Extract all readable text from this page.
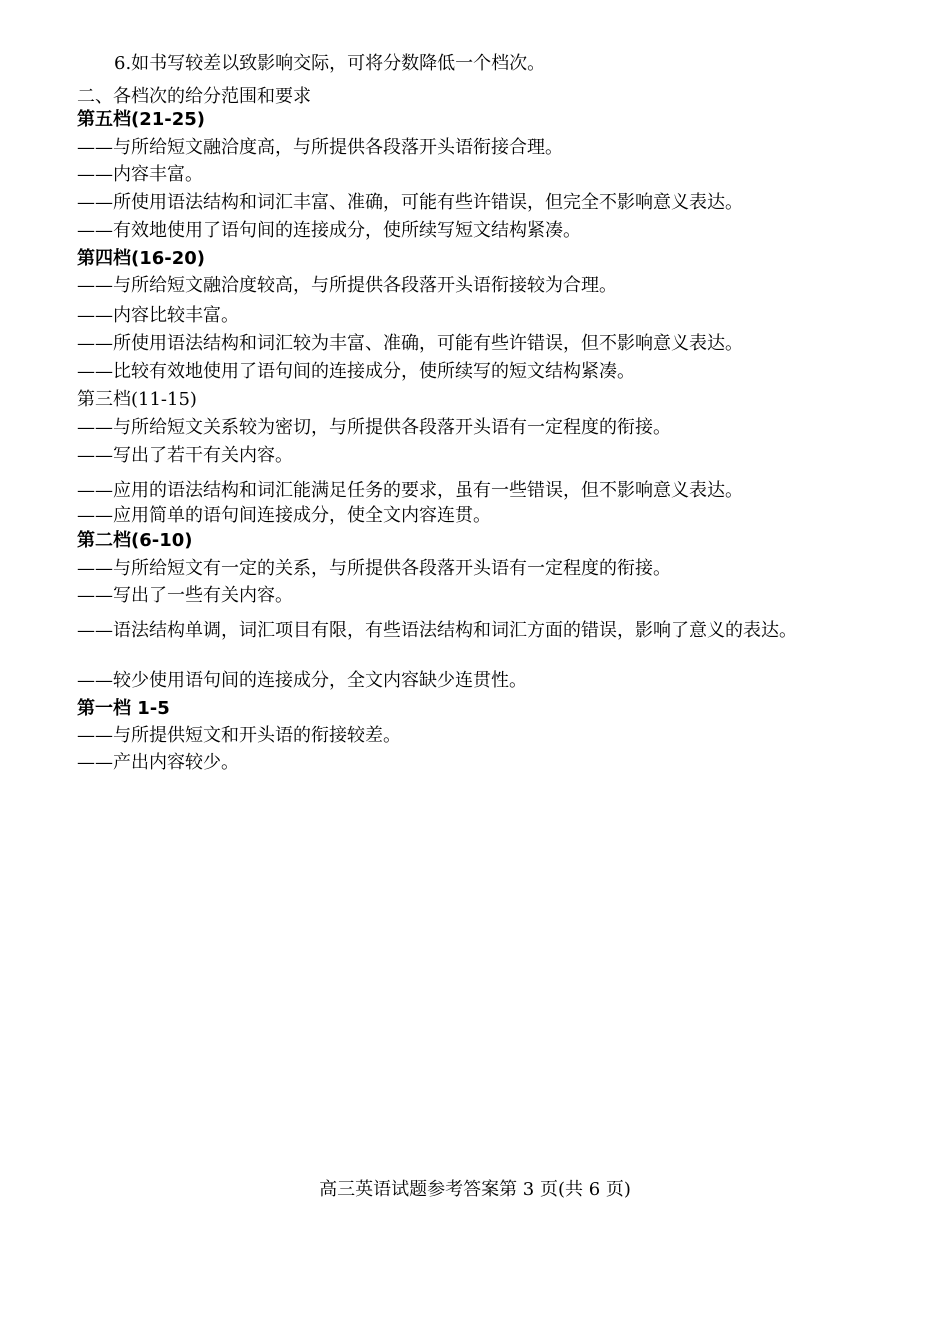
6.如书写较差以致影响交际，可将分数降低一个档次。
二、各档次的给分范围和要求
第五档(21-25)
——与所给短文融洽度高，与所提供各段落开头语衔接合理。
——内容丰富。
——所使用语法结构和词汇丰富、准确，可能有些许错误，但完全不影响意义表达。
——有效地使用了语句间的连接成分，使所续写短文结构紧凑。
第四档(16-20)
——与所给短文融洽度较高，与所提供各段落开头语衔接较为合理。
——内容比较丰富。
——所使用语法结构和词汇较为丰富、准确，可能有些许错误，但不影响意义表达。
——比较有效地使用了语句间的连接成分，使所续写的短文结构紧凑。
第三档(11-15)
——与所给短文关系较为密切，与所提供各段落开头语有一定程度的衔接。
——写出了若干有关内容。
——应用的语法结构和词汇能满足任务的要求，虽有一些错误，但不影响意义表达。
——应用简单的语句间连接成分，使全文内容连贯。
第二档(6-10)
——与所给短文有一定的关系，与所提供各段落开头语有一定程度的衔接。
——写出了一些有关内容。
——语法结构单调，词汇项目有限，有些语法结构和词汇方面的错误，影响了意义的表达。
——较少使用语句间的连接成分，全文内容缺少连贯性。
第一档 1-5
——与所提供短文和开头语的衔接较差。
——产出内容较少。
高三英语试题参考答案第 3 页(共 6 页)
